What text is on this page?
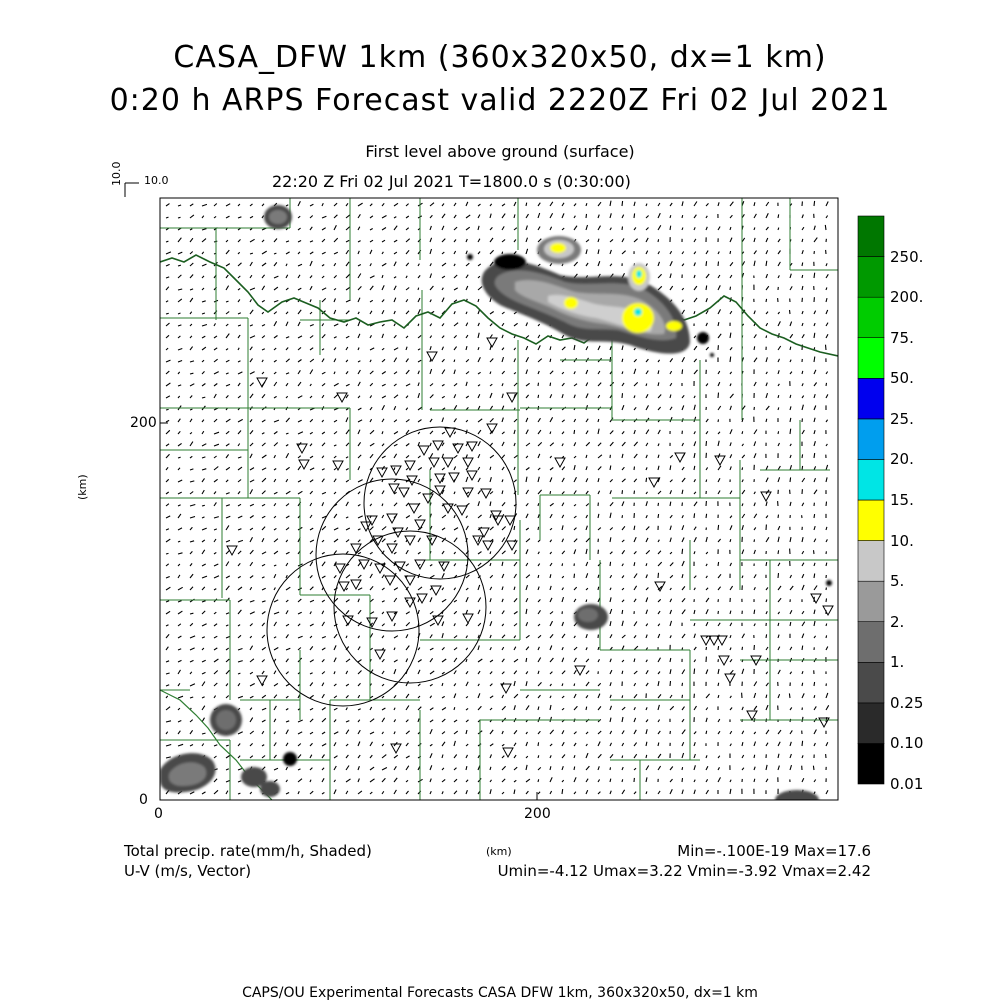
CASA_DFW 1km (360x320x50, dx=1 km)
0:20 h ARPS Forecast valid 2220Z Fri 02 Jul 2021
First level above ground (surface)
22:20 Z Fri 02 Jul 2021 T=1800.0 s (0:30:00)
10.0 10.0
200
0
0	200
(km)
0.01
0.10
0.25
1.
2.
5.
10.
15.
20.
25.
50.
75.
200.
250.
Total precip. rate(mm/h, Shaded)
U-V (m/s, Vector)
(km)	Min=-.100E-19 Max=17.6
Umin=-4.12 Umax=3.22 Vmin=-3.92 Vmax=2.42
CAPS/OU Experimental Forecasts CASA DFW 1km, 360x320x50, dx=1 km
